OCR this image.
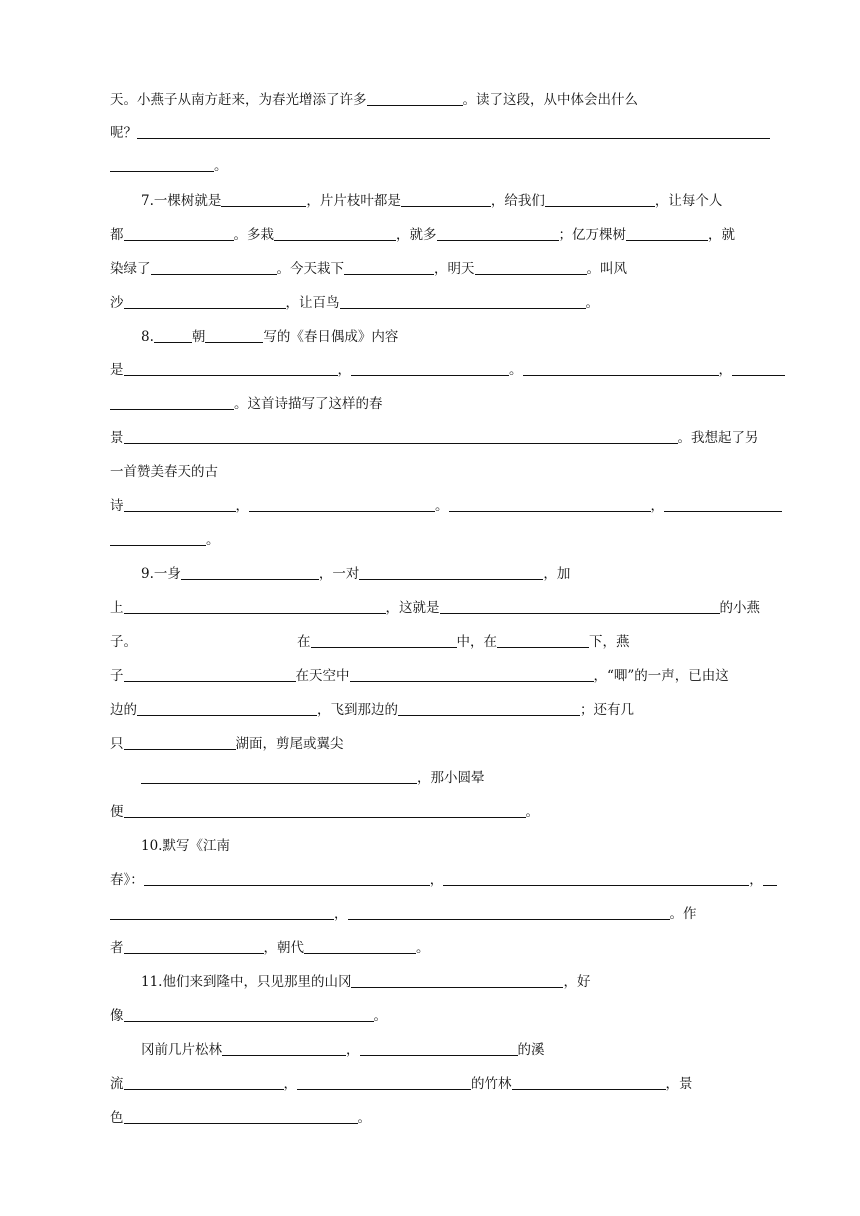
天。小燕子从南方赶来，为春光增添了许多	。读了这段，从中体会出什么
呢？
。
7.一棵树就是	，片片枝叶都是	，给我们	，让每个人
都	。多栽	，就多	；亿万棵树	，就
染绿了	。今天栽下	，明天	。叫风
沙	，让百鸟	。
8.	朝	写的《春日偶成》内容
是	，	。	，
。这首诗描写了这样的春
景	。我想起了另
一首赞美春天的古
诗	，	。	，
。
9.一身	，一对	，加
上	，这就是	的小燕
子。	在	中，在	下，燕
子	在天空中	，“唧”的一声，已由这
边的	，飞到那边的	；还有几
只	湖面，剪尾或翼尖
，那小圆晕
便	。
10.默写《江南
春》：	，	，
，	。作
者	，朝代	。
11.他们来到隆中，只见那里的山冈	，好
像	。
冈前几片松林	，	的溪
流	，	的竹林	，景
色	。
